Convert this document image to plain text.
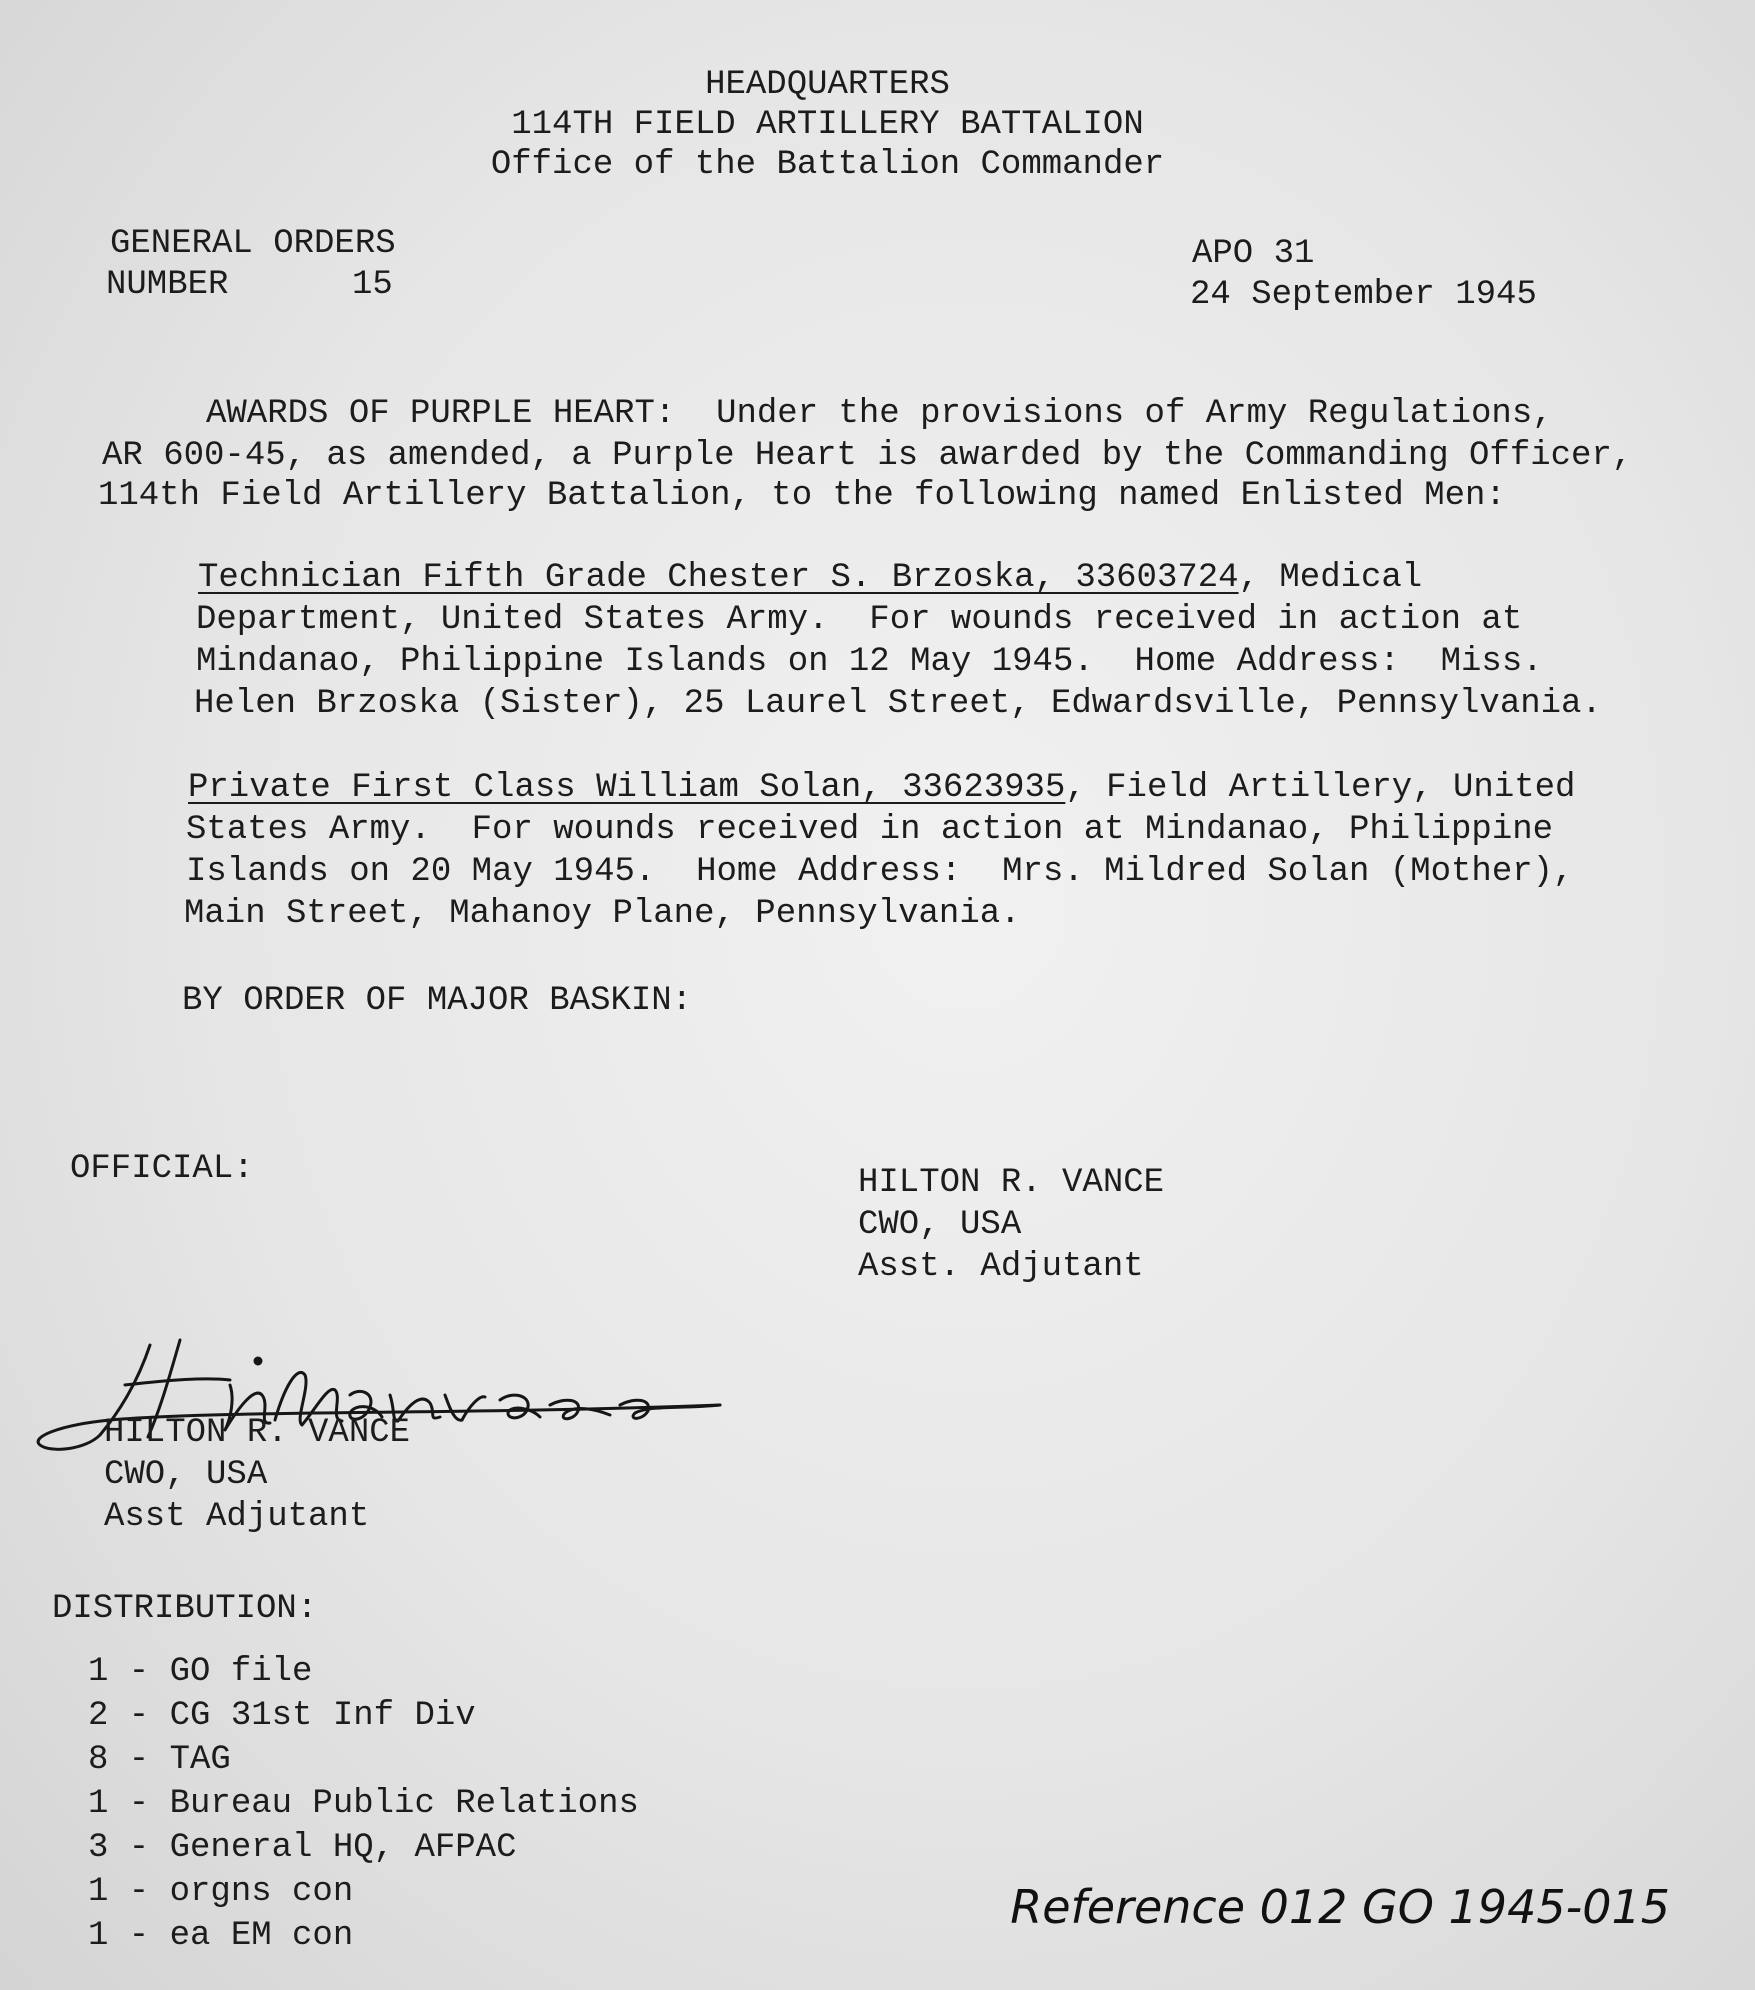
HEADQUARTERS
114TH FIELD ARTILLERY BATTALION
Office of the Battalion Commander
GENERAL ORDERS
NUMBER	15
APO 31
24 September 1945
AWARDS OF PURPLE HEART:  Under the provisions of Army Regulations,
AR 600-45, as amended, a Purple Heart is awarded by the Commanding Officer,
114th Field Artillery Battalion, to the following named Enlisted Men:
Technician Fifth Grade Chester S. Brzoska, 33603724, Medical
Department, United States Army.  For wounds received in action at
Mindanao, Philippine Islands on 12 May 1945.  Home Address:  Miss.
Helen Brzoska (Sister), 25 Laurel Street, Edwardsville, Pennsylvania.
Private First Class William Solan, 33623935, Field Artillery, United
States Army.  For wounds received in action at Mindanao, Philippine
Islands on 20 May 1945.  Home Address:  Mrs. Mildred Solan (Mother),
Main Street, Mahanoy Plane, Pennsylvania.
BY ORDER OF MAJOR BASKIN:
OFFICIAL:	HILTON R. VANCE
CWO, USA
Asst. Adjutant
HILTON R. VANCE
CWO, USA
Asst Adjutant
DISTRIBUTION:
1 - GO file
2 - CG 31st Inf Div
8 - TAG
1 - Bureau Public Relations
3 - General HQ, AFPAC
1 - orgns con
1 - ea EM con
Reference 012 GO 1945-015
